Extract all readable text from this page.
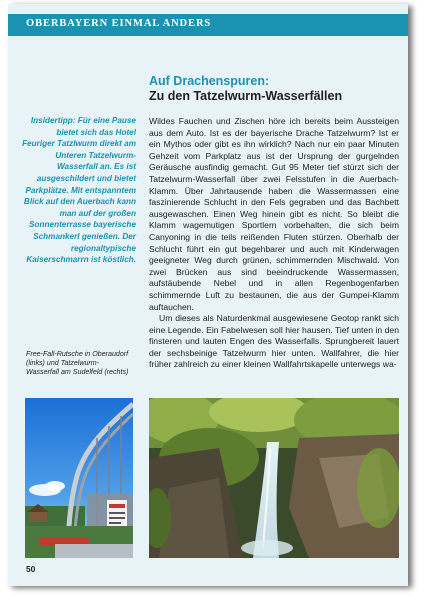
OBERBAYERN EINMAL ANDERS
Auf Drachenspuren:
Zu den Tatzelwurm-Wasserfällen

Insidertipp: Für eine Pause bietet sich das Hotel Feuriger Tatzlwurm direkt am Unteren Tatzelwurm-Wasserfall an. Es ist ausgeschildert und bietet Parkplätze. Mit entspanntem Blick auf den Auerbach kann man auf der großen Sonnenterrasse bayerische Schmankerl genießen. Der regionaltypische Kaiserschmarrn ist köstlich.

Wildes Fauchen und Zischen höre ich bereits beim Aussteigen aus dem Auto. Ist es der bayerische Drache Tatzelwurm? Ist er ein Mythos oder gibt es ihn wirklich? Nach nur ein paar Minuten Gehzeit vom Parkplatz aus ist der Ursprung der gurgelnden Geräusche ausfindig gemacht. Gut 95 Meter tief stürzt sich der Tatzelwurm-Wasserfall über zwei Felsstufen in die Auerbach-Klamm. Über Jahrtausende haben die Wassermassen eine faszinierende Schlucht in den Fels gegraben und das Bachbett ausgewaschen. Einen Weg hinein gibt es nicht. So bleibt die Klamm wagemutigen Sportlern vorbehalten, die sich beim Canyoning in die teils reißenden Fluten stürzen. Oberhalb der Schlucht führt ein gut begehbarer und auch mit Kinderwagen geeigneter Weg durch grünen, schimmernden Mischwald. Von zwei Brücken aus sind beeindruckende Wassermassen, aufstäubende Nebel und in allen Regenbogenfarben schimmernde Luft zu bestaunen, die aus der Gumpei-Klamm auftauchen.

Um dieses als Naturdenkmal ausgewiesene Geotop rankt sich eine Legende. Ein Fabelwesen soll hier hausen. Tief unten in den finsteren und lauten Engen des Wasserfalls. Sprungbereit lauert der sechsbeinige Tatzelwurm hier unten. Wallfahrer, die hier früher zahlreich zu einer kleinen Wallfahrtskapelle unterwegs wa-

Free-Fall-Rutsche in Oberaudorf (links) und Tatzelwurm-Wasserfall am Sudelfeld (rechts)

50
